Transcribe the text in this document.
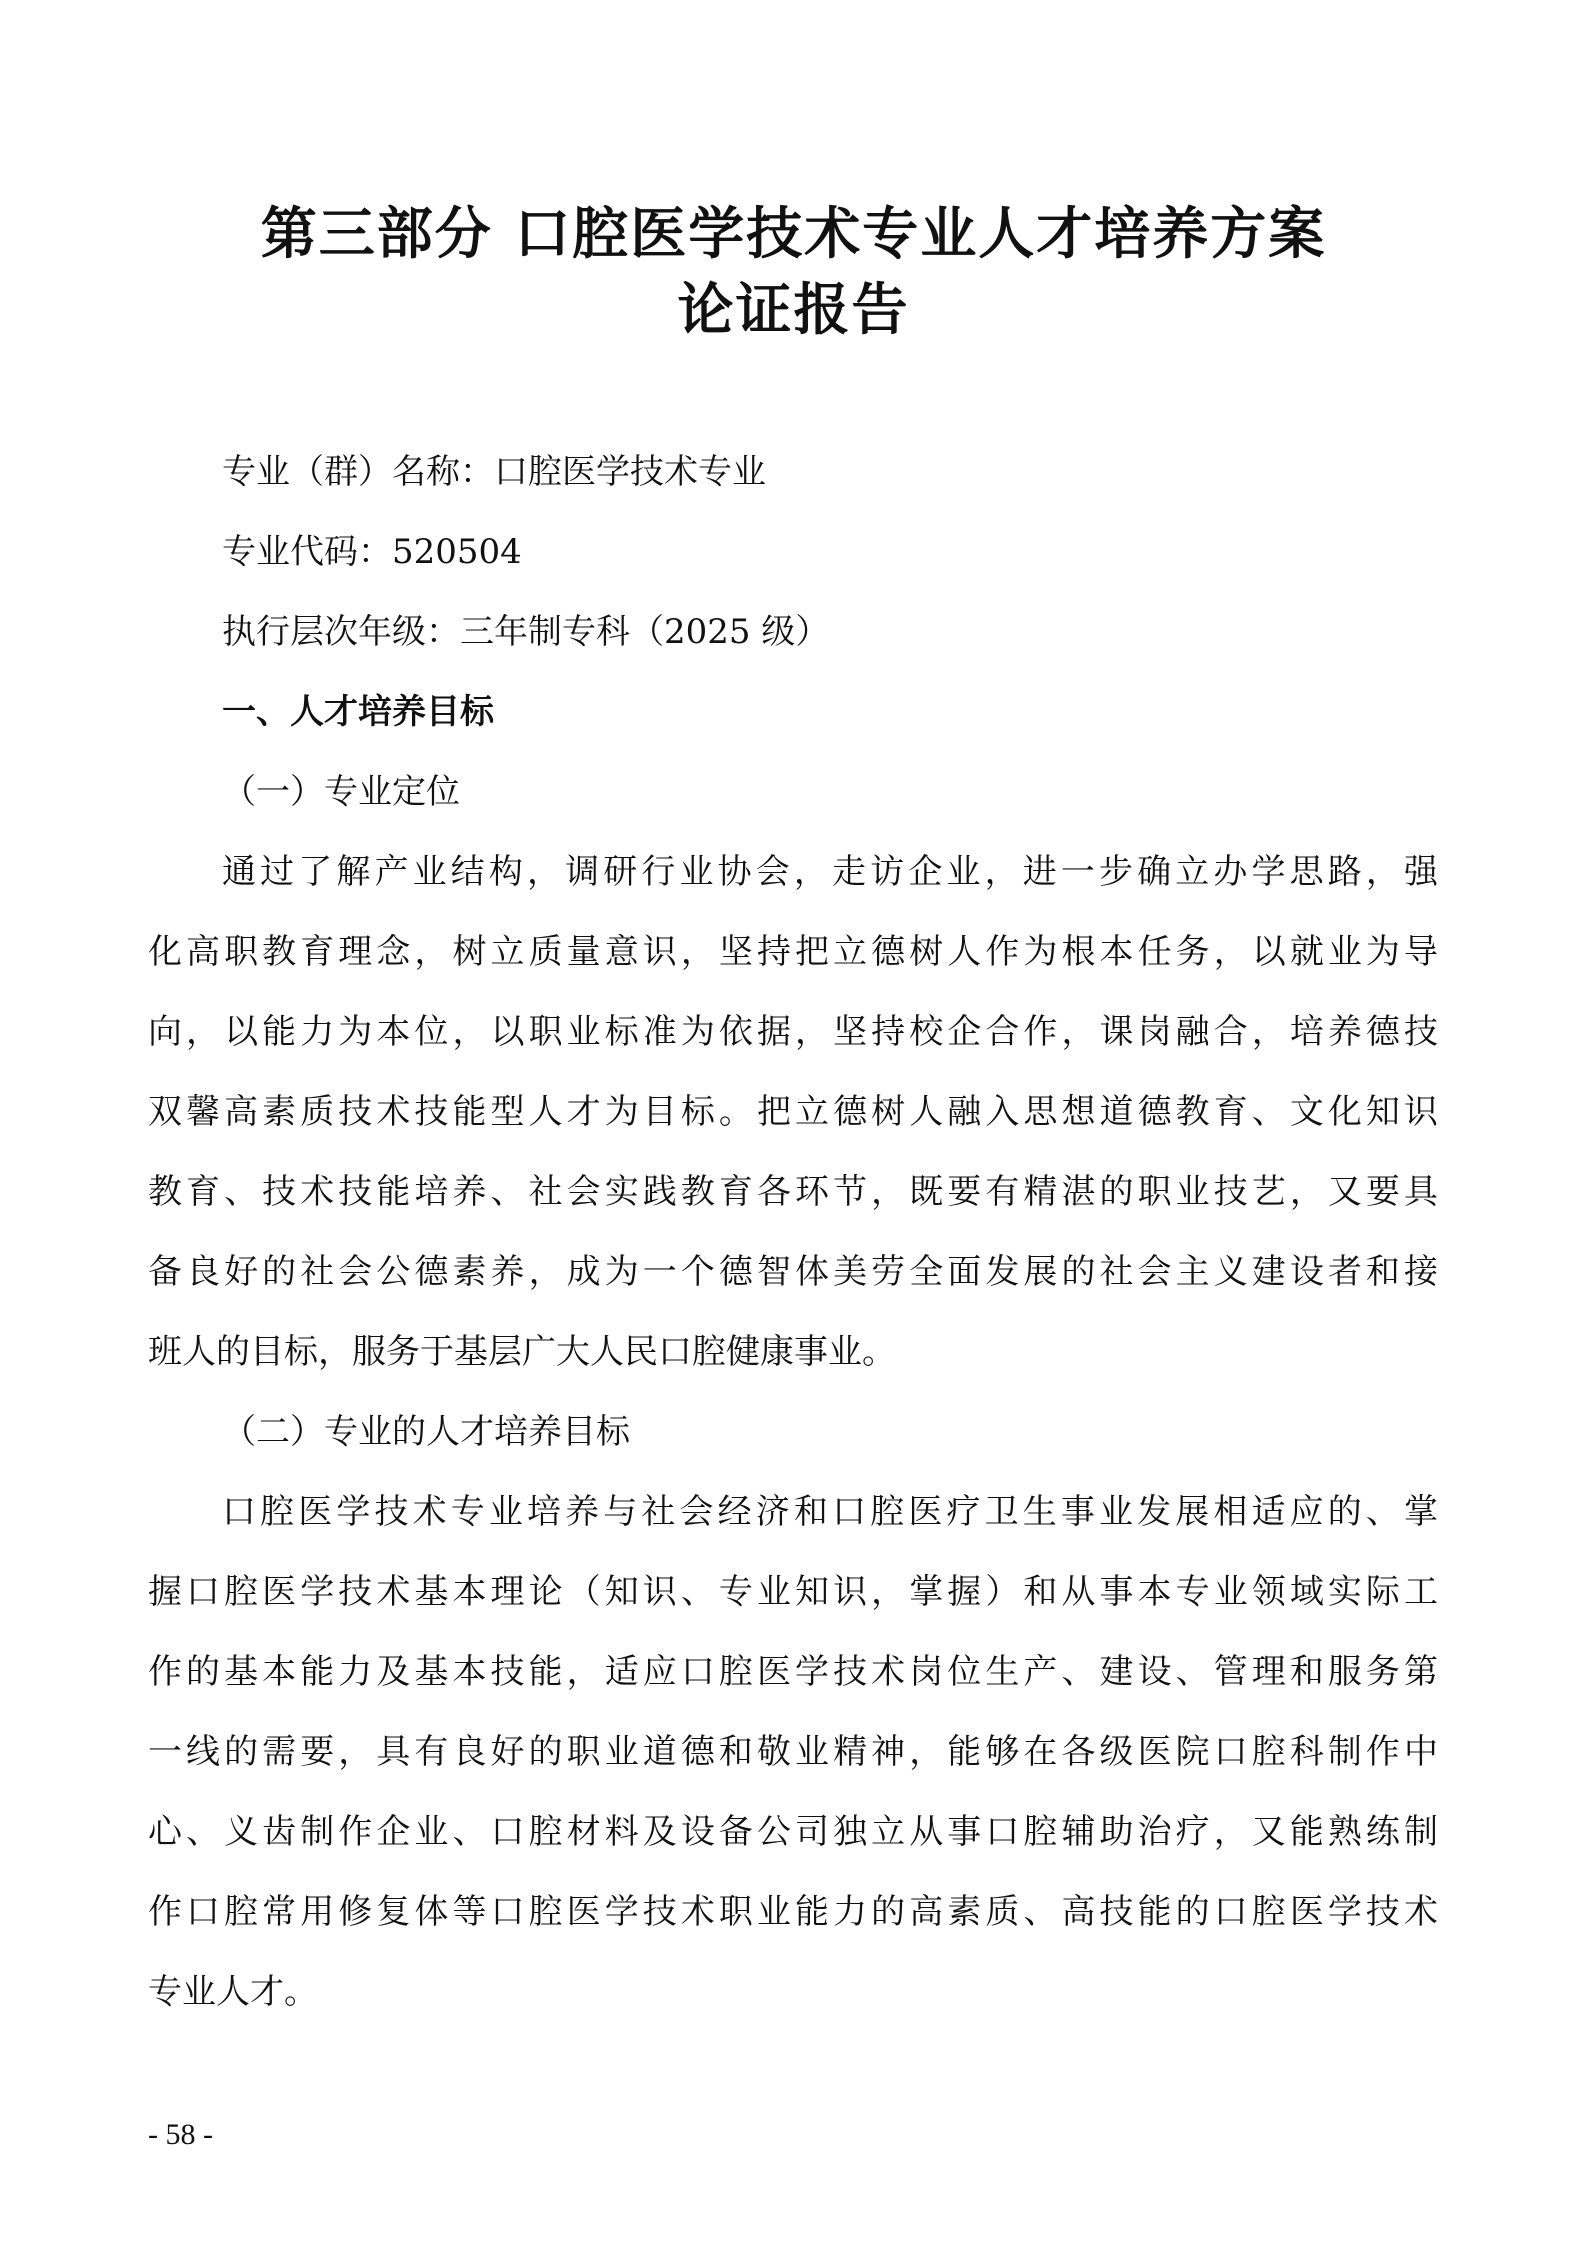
第三部分 口腔医学技术专业人才培养方案
论证报告
专业（群）名称：口腔医学技术专业
专业代码：520504
执行层次年级：三年制专科（2025 级）
一、人才培养目标
（一）专业定位
通过了解产业结构，调研行业协会，走访企业，进一步确立办学思路，强
化高职教育理念，树立质量意识，坚持把立德树人作为根本任务，以就业为导
向，以能力为本位，以职业标准为依据，坚持校企合作，课岗融合，培养德技
双馨高素质技术技能型人才为目标。把立德树人融入思想道德教育、文化知识
教育、技术技能培养、社会实践教育各环节，既要有精湛的职业技艺，又要具
备良好的社会公德素养，成为一个德智体美劳全面发展的社会主义建设者和接
班人的目标，服务于基层广大人民口腔健康事业。
（二）专业的人才培养目标
口腔医学技术专业培养与社会经济和口腔医疗卫生事业发展相适应的、掌
握口腔医学技术基本理论（知识、专业知识，掌握）和从事本专业领域实际工
作的基本能力及基本技能，适应口腔医学技术岗位生产、建设、管理和服务第
一线的需要，具有良好的职业道德和敬业精神，能够在各级医院口腔科制作中
心、义齿制作企业、口腔材料及设备公司独立从事口腔辅助治疗，又能熟练制
作口腔常用修复体等口腔医学技术职业能力的高素质、高技能的口腔医学技术
专业人才。
- 58 -
